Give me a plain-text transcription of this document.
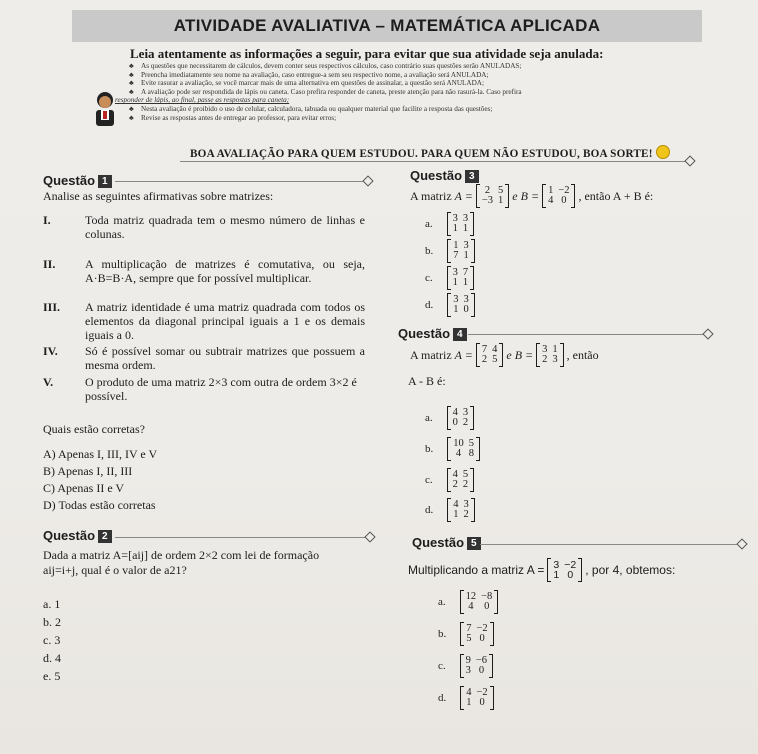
ATIVIDADE AVALIATIVA – MATEMÁTICA APLICADA
Leia atentamente as informações a seguir, para evitar que sua atividade seja anulada:
♣ As questões que necessitarem de cálculos, devem conter seus respectivos cálculos, caso contrário suas questões serão ANULADAS;
♣ Preencha imediatamente seu nome na avaliação, caso entregue-a sem seu respectivo nome, a avaliação será ANULADA;
♣ Evite rasurar a avaliação, se você marcar mais de uma alternativa em questões de assinalar, a questão será ANULADA;
♣ A avaliação pode ser respondida de lápis ou caneta. Caso prefira responder de caneta, preste atenção para não rasurá-la. Caso prefira
responder de lápis, ao final, passe as respostas para caneta;
♣ Nesta avaliação é proibido o uso de celular, calculadora, tabuada ou qualquer material que facilite a resposta das questões;
♣ Revise as respostas antes de entregar ao professor, para evitar erros;
BOA AVALIAÇÃO PARA QUEM ESTUDOU. PARA QUEM NÃO ESTUDOU, BOA SORTE!
Questão 1
Analise as seguintes afirmativas sobre matrizes:
I.	Toda matriz quadrada tem o mesmo número de linhas e colunas.
II. A multiplicação de matrizes é comutativa, ou seja, A·B=B·A, sempre que for possível multiplicar.
III. A matriz identidade é uma matriz quadrada com todos os elementos da diagonal principal iguais a 1 e os demais iguais a 0.
IV. Só é possível somar ou subtrair matrizes que possuem a mesma ordem.
V.	O produto de uma matriz 2×3 com outra de ordem 3×2 é possível.
Quais estão corretas?
A) Apenas I, III, IV e V
B) Apenas I, II, III
C) Apenas II e V
D) Todas estão corretas
Questão 2
Dada a matriz A=[aij] de ordem 2×2 com lei de formação
aij=i+j, qual é o valor de a21?
a. 1
b. 2
c. 3
d. 4
e. 5
Questão 3
A matriz A = 2 5
−3 1 e B = 1 −2
4 0 , então A + B é:
a. 3 3
1 1
b. 1 3
7 1
c. 3 7
1 1
d. 3 3
1 0
Questão 4
A matriz A = 7 4
2 5 e B = 3 1
2 3 , então
A - B é:
a. 4 3
0 2
b. 10 5
4 8
c. 4 5
2 2
d. 4 3
1 2
Questão 5
Multiplicando a matriz A = 3 −2
1 0 , por 4, obtemos:
a. 12 −8
4 0
b. 7 −2
5 0
c. 9 −6
3 0
d. 4 −2
1 0
